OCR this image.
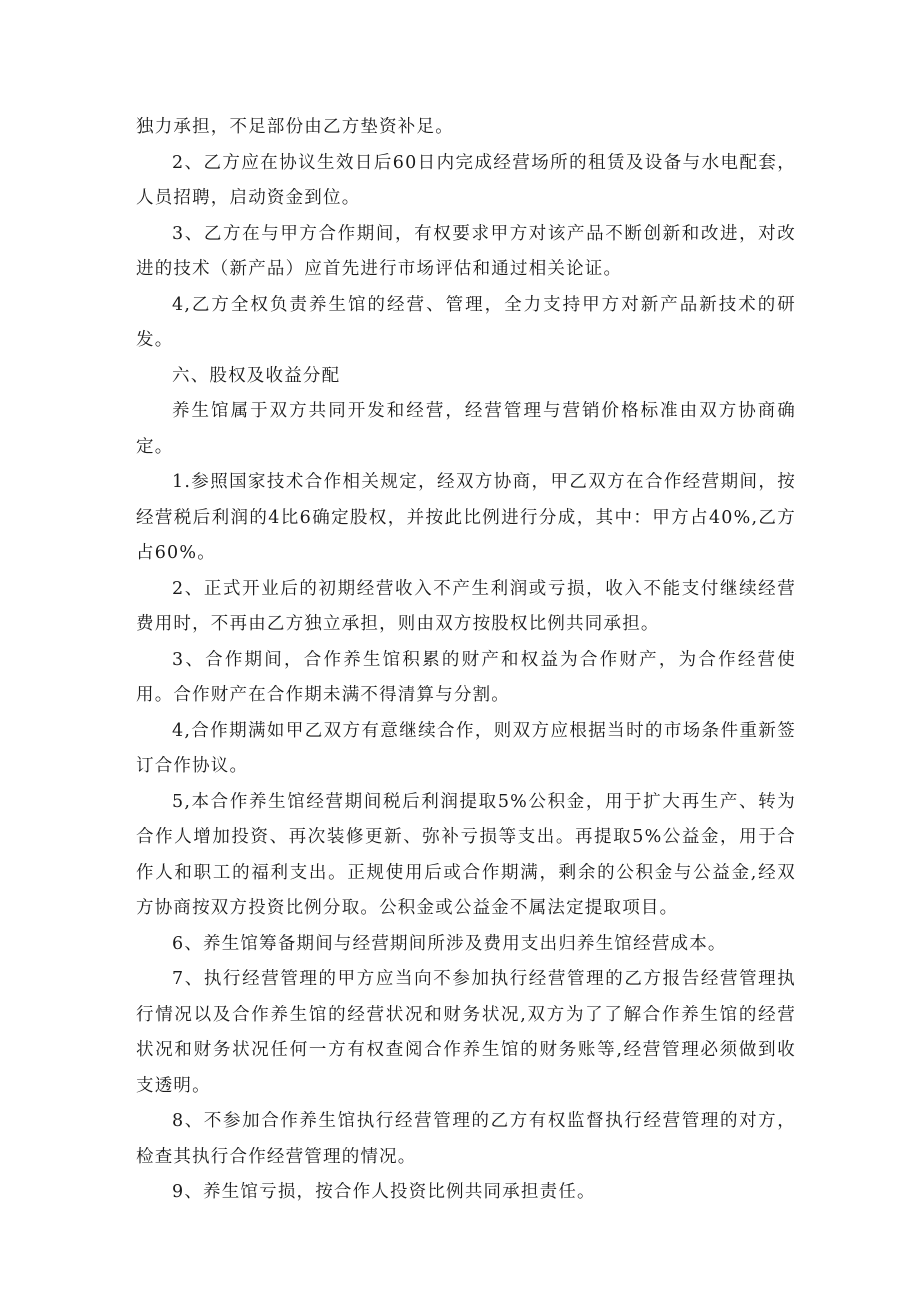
独力承担，不足部份由乙方垫资补足。

2、乙方应在协议生效日后60日内完成经营场所的租赁及设备与水电配套，人员招聘，启动资金到位。

3、乙方在与甲方合作期间，有权要求甲方对该产品不断创新和改进，对改进的技术（新产品）应首先进行市场评估和通过相关论证。

4,乙方全权负责养生馆的经营、管理，全力支持甲方对新产品新技术的研发。

六、股权及收益分配

养生馆属于双方共同开发和经营，经营管理与营销价格标准由双方协商确定。

1.参照国家技术合作相关规定，经双方协商，甲乙双方在合作经营期间，按经营税后利润的4比6确定股权，并按此比例进行分成，其中：甲方占40%,乙方占60%。

2、正式开业后的初期经营收入不产生利润或亏损，收入不能支付继续经营费用时，不再由乙方独立承担，则由双方按股权比例共同承担。

3、合作期间，合作养生馆积累的财产和权益为合作财产，为合作经营使用。合作财产在合作期未满不得清算与分割。

4,合作期满如甲乙双方有意继续合作，则双方应根据当时的市场条件重新签订合作协议。

5,本合作养生馆经营期间税后利润提取5%公积金，用于扩大再生产、转为合作人增加投资、再次装修更新、弥补亏损等支出。再提取5%公益金，用于合作人和职工的福利支出。正规使用后或合作期满，剩余的公积金与公益金,经双方协商按双方投资比例分取。公积金或公益金不属法定提取项目。

6、养生馆筹备期间与经营期间所涉及费用支出归养生馆经营成本。

7、执行经营管理的甲方应当向不参加执行经营管理的乙方报告经营管理执行情况以及合作养生馆的经营状况和财务状况,双方为了了解合作养生馆的经营状况和财务状况任何一方有权查阅合作养生馆的财务账等,经营管理必须做到收支透明。

8、不参加合作养生馆执行经营管理的乙方有权监督执行经营管理的对方，检查其执行合作经营管理的情况。

9、养生馆亏损，按合作人投资比例共同承担责任。
